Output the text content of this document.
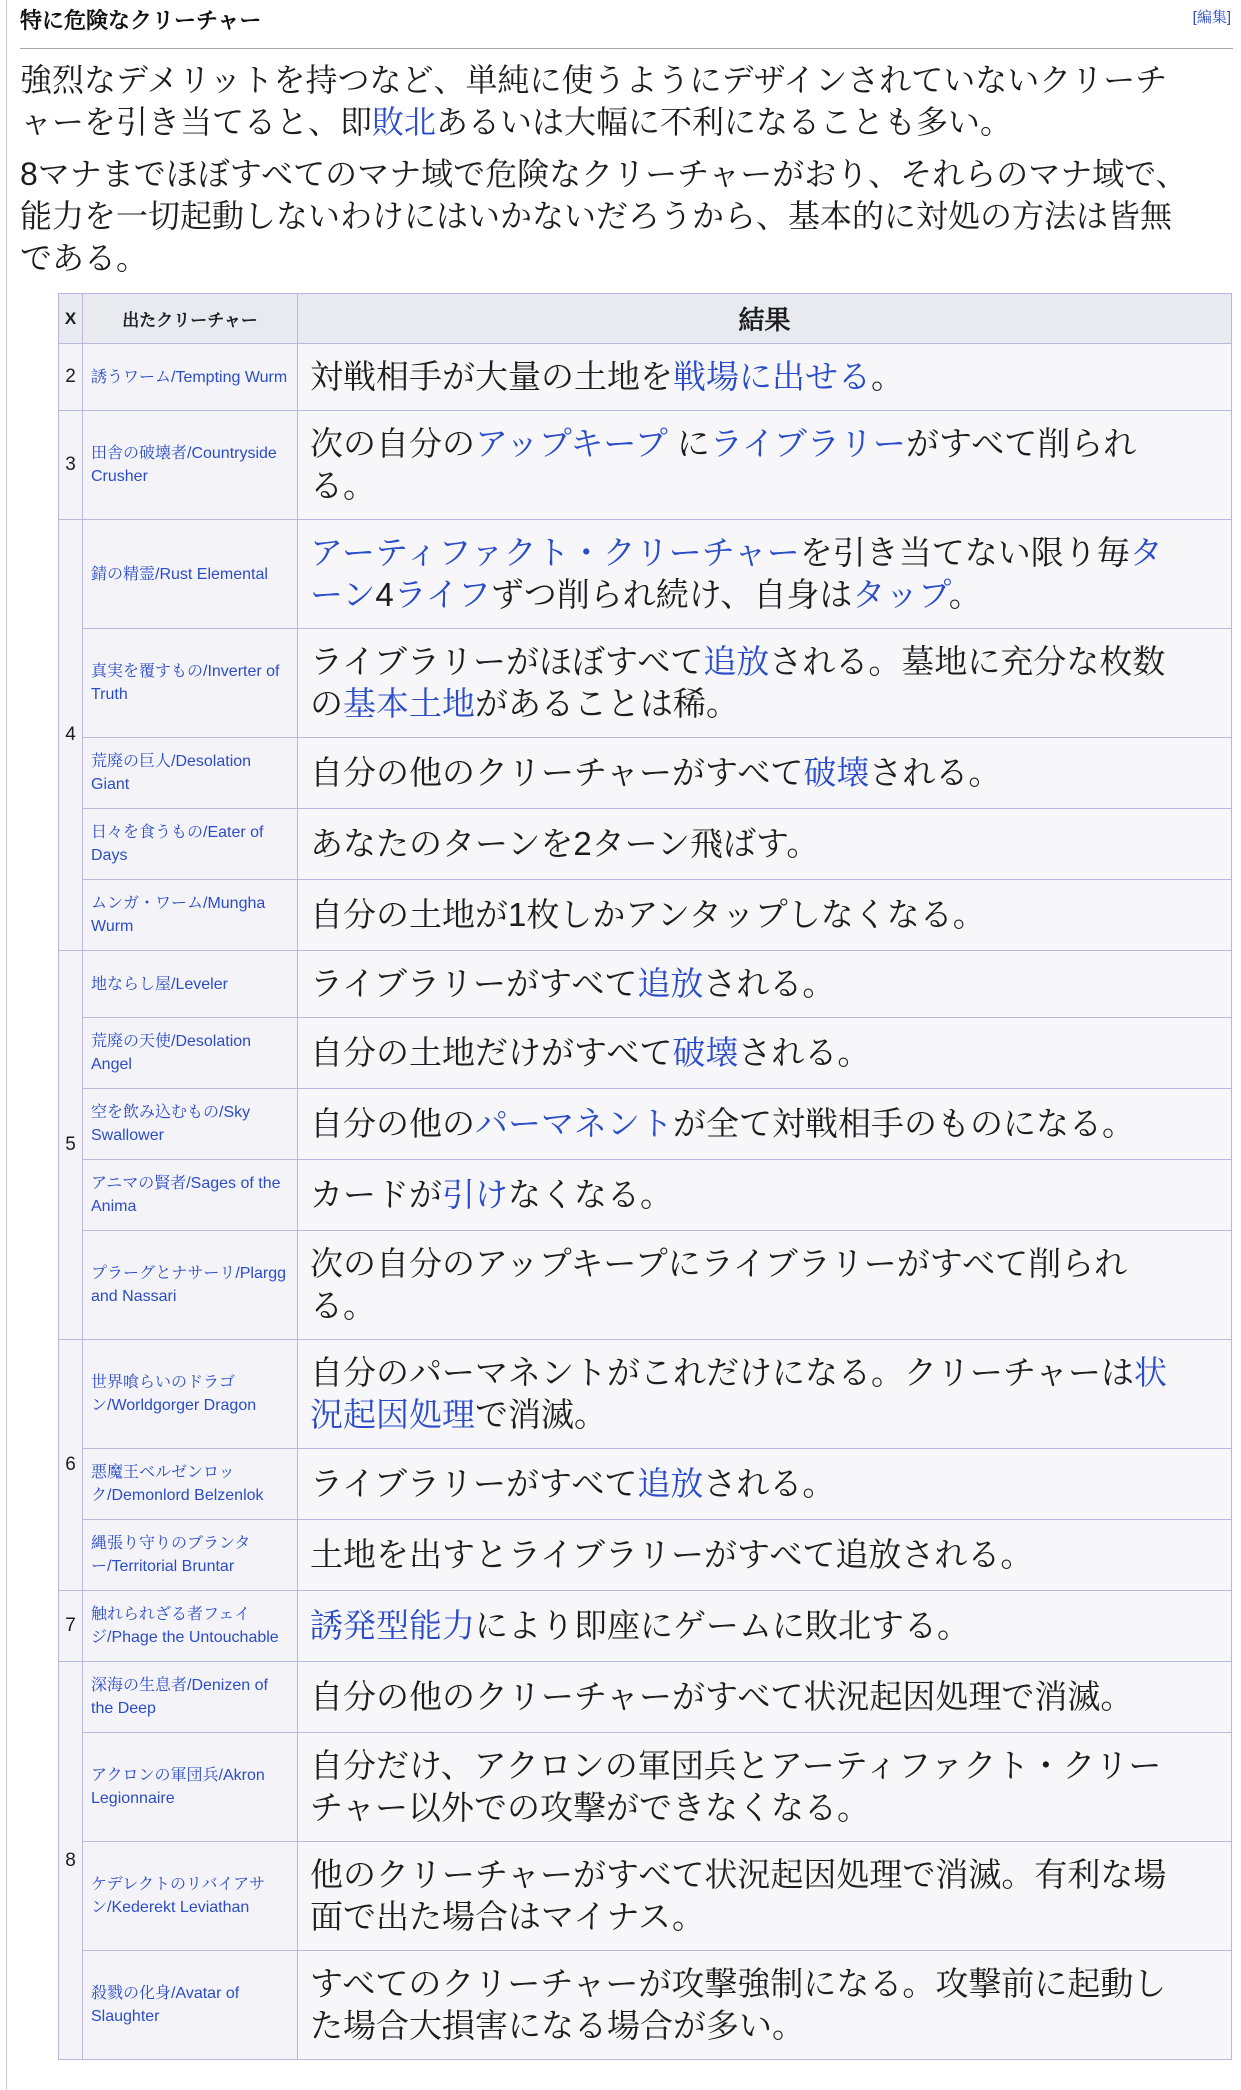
[編集]
特に危険なクリーチャー

強烈なデメリットを持つなど、単純に使うようにデザインされていないクリーチャーを引き当てると、即敗北あるいは大幅に不利になることも多い。

8マナまでほぼすべてのマナ域で危険なクリーチャーがおり、それらのマナ域で、能力を一切起動しないわけにはいかないだろうから、基本的に対処の方法は皆無である。

X	出たクリーチャー	結果
2	誘うワーム/Tempting Wurm	対戦相手が大量の土地を戦場に出せる。
3	田舎の破壊者/Countryside Crusher	次の自分のアップキープ にライブラリーがすべて削られる。
4	錆の精霊/Rust Elemental	アーティファクト・クリーチャーを引き当てない限り毎ターン4ライフずつ削られ続け、自身はタップ。
	真実を覆すもの/Inverter of Truth	ライブラリーがほぼすべて追放される。墓地に充分な枚数の基本土地があることは稀。
	荒廃の巨人/Desolation Giant	自分の他のクリーチャーがすべて破壊される。
	日々を食うもの/Eater of Days	あなたのターンを2ターン飛ばす。
	ムンガ・ワーム/Mungha Wurm	自分の土地が1枚しかアンタップしなくなる。
5	地ならし屋/Leveler	ライブラリーがすべて追放される。
	荒廃の天使/Desolation Angel	自分の土地だけがすべて破壊される。
	空を飲み込むもの/Sky Swallower	自分の他のパーマネントが全て対戦相手のものになる。
	アニマの賢者/Sages of the Anima	カードが引けなくなる。
	プラーグとナサーリ/Plargg and Nassari	次の自分のアップキープにライブラリーがすべて削られる。
6	世界喰らいのドラゴン/Worldgorger Dragon	自分のパーマネントがこれだけになる。クリーチャーは状況起因処理で消滅。
	悪魔王ベルゼンロック/Demonlord Belzenlok	ライブラリーがすべて追放される。
	縄張り守りのブランター/Territorial Bruntar	土地を出すとライブラリーがすべて追放される。
7	触れられざる者フェイジ/Phage the Untouchable	誘発型能力により即座にゲームに敗北する。
8	深海の生息者/Denizen of the Deep	自分の他のクリーチャーがすべて状況起因処理で消滅。
	アクロンの軍団兵/Akron Legionnaire	自分だけ、アクロンの軍団兵とアーティファクト・クリーチャー以外での攻撃ができなくなる。
	ケデレクトのリバイアサン/Kederekt Leviathan	他のクリーチャーがすべて状況起因処理で消滅。有利な場面で出た場合はマイナス。
	殺戮の化身/Avatar of Slaughter	すべてのクリーチャーが攻撃強制になる。攻撃前に起動した場合大損害になる場合が多い。
